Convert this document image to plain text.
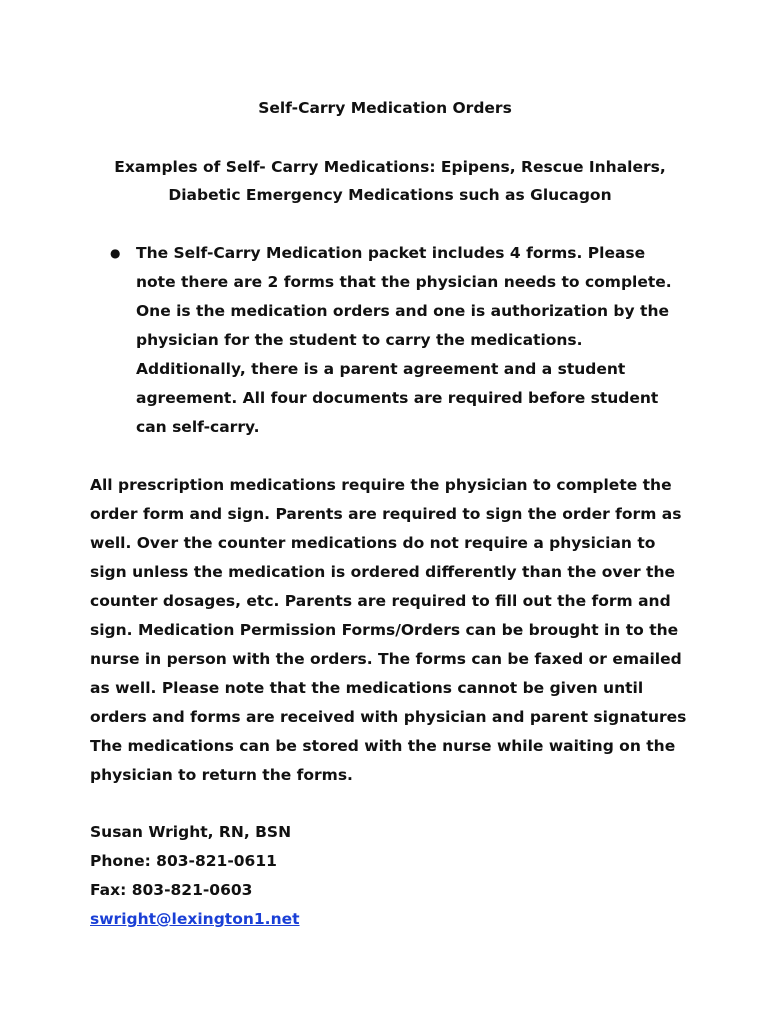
Self-Carry Medication Orders
Examples of Self- Carry Medications: Epipens, Rescue Inhalers,
Diabetic Emergency Medications such as Glucagon
● The Self-Carry Medication packet includes 4 forms. Please note there are 2 forms that the physician needs to complete. One is the medication orders and one is authorization by the physician for the student to carry the medications. Additionally, there is a parent agreement and a student agreement. All four documents are required before student can self-carry.
All prescription medications require the physician to complete the order form and sign. Parents are required to sign the order form as well. Over the counter medications do not require a physician to sign unless the medication is ordered differently than the over the counter dosages, etc. Parents are required to fill out the form and sign. Medication Permission Forms/Orders can be brought in to the nurse in person with the orders. The forms can be faxed or emailed as well. Please note that the medications cannot be given until orders and forms are received with physician and parent signatures The medications can be stored with the nurse while waiting on the physician to return the forms.
Susan Wright, RN, BSN
Phone: 803-821-0611
Fax: 803-821-0603
swright@lexington1.net
